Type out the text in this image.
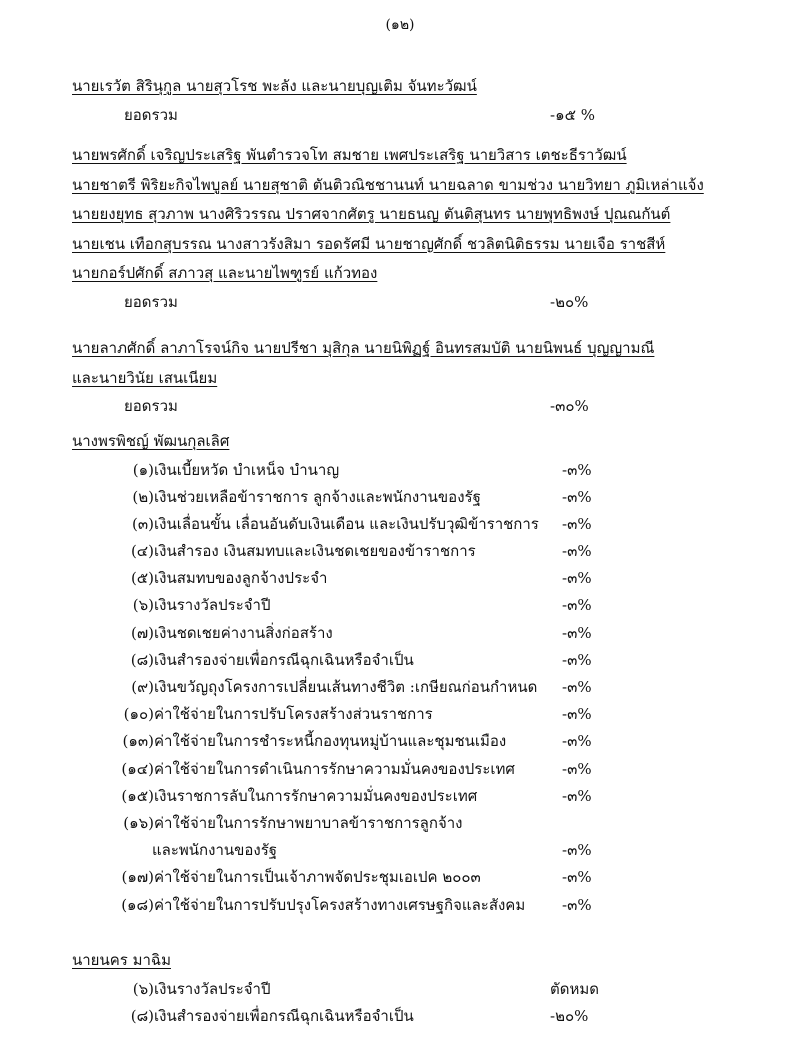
(๑๒)
นายเรวัต สิรินุกูล นายสุวโรช พะลัง และนายบุญเติม จันทะวัฒน์
ยอดรวม	-๑๕ %
นายพรศักดิ์ เจริญประเสริฐ พันตำรวจโท สมชาย เพศประเสริฐ นายวิสาร เตชะธีราวัฒน์
นายชาตรี พิริยะกิจไพบูลย์ นายสุชาติ ตันติวณิชชานนท์ นายฉลาด ขามช่วง นายวิทยา ภูมิเหล่าแจ้ง
นายยงยุทธ สุวภาพ นางศิริวรรณ ปราศจากศัตรู นายธนญ ตันติสุนทร นายพุทธิพงษ์ ปุณณกันต์
นายเชน เทือกสุบรรณ นางสาวรังสิมา รอดรัศมี นายชาญศักดิ์ ชวลิตนิติธรรม นายเจือ ราชสีห์
นายกอร์ปศักดิ์ สภาวสุ และนายไพฑูรย์ แก้วทอง
ยอดรวม	-๒๐%
นายลาภศักดิ์ ลาภาโรจน์กิจ นายปรีชา มุสิกุล นายนิพิฏฐ์ อินทรสมบัติ นายนิพนธ์ บุญญามณี
และนายวินัย เสนเนียม
ยอดรวม	-๓๐%
นางพรพิชญ์ พัฒนกุลเลิศ
(๑) เงินเบี้ยหวัด บำเหน็จ บำนาญ	-๓%
(๒) เงินช่วยเหลือข้าราชการ ลูกจ้างและพนักงานของรัฐ	-๓%
(๓) เงินเลื่อนขั้น เลื่อนอันดับเงินเดือน และเงินปรับวุฒิข้าราชการ -๓%
(๔) เงินสำรอง เงินสมทบและเงินชดเชยของข้าราชการ	-๓%
(๕) เงินสมทบของลูกจ้างประจำ	-๓%
(๖) เงินรางวัลประจำปี	-๓%
(๗) เงินชดเชยค่างานสิ่งก่อสร้าง	-๓%
(๘) เงินสำรองจ่ายเพื่อกรณีฉุกเฉินหรือจำเป็น	-๓%
(๙) เงินขวัญถุงโครงการเปลี่ยนเส้นทางชีวิต :เกษียณก่อนกำหนด -๓%
(๑๐) ค่าใช้จ่ายในการปรับโครงสร้างส่วนราชการ	-๓%
(๑๓) ค่าใช้จ่ายในการชำระหนี้กองทุนหมู่บ้านและชุมชนเมือง	-๓%
(๑๔) ค่าใช้จ่ายในการดำเนินการรักษาความมั่นคงของประเทศ	-๓%
(๑๕) เงินราชการลับในการรักษาความมั่นคงของประเทศ	-๓%
(๑๖) ค่าใช้จ่ายในการรักษาพยาบาลข้าราชการลูกจ้าง
และพนักงานของรัฐ	-๓%
(๑๗) ค่าใช้จ่ายในการเป็นเจ้าภาพจัดประชุมเอเปค ๒๐๐๓	-๓%
(๑๘) ค่าใช้จ่ายในการปรับปรุงโครงสร้างทางเศรษฐกิจและสังคม -๓%
นายนคร มาฉิม
(๖) เงินรางวัลประจำปี	ตัดหมด
(๘) เงินสำรองจ่ายเพื่อกรณีฉุกเฉินหรือจำเป็น	-๒๐%
